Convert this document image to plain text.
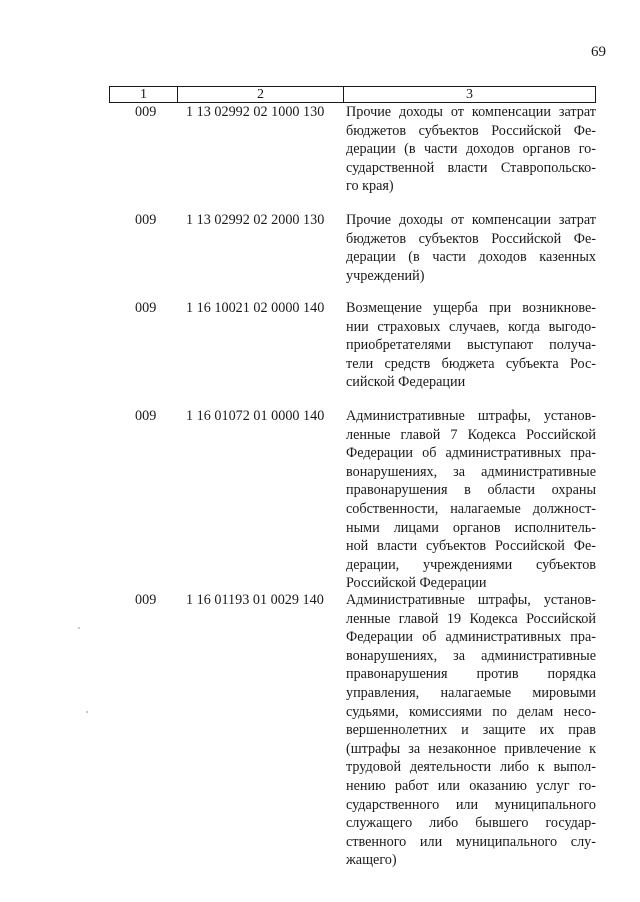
69
1	2	3
009	1 13 02992 02 1000 130	Прочие доходы от компенсации затрат
бюджетов субъектов Российской Фе-
дерации (в части доходов органов го-
сударственной власти Ставропольско-
го края)
009	1 13 02992 02 2000 130	Прочие доходы от компенсации затрат
бюджетов субъектов Российской Фе-
дерации (в части доходов казенных
учреждений)
009	1 16 10021 02 0000 140	Возмещение ущерба при возникнове-
нии страховых случаев, когда выгодо-
приобретателями выступают получа-
тели средств бюджета субъекта Рос-
сийской Федерации
009	1 16 01072 01 0000 140	Административные штрафы, установ-
ленные главой 7 Кодекса Российской
Федерации об административных пра-
вонарушениях, за административные
правонарушения в области охраны
собственности, налагаемые должност-
ными лицами органов исполнитель-
ной власти субъектов Российской Фе-
дерации, учреждениями субъектов
Российской Федерации
009	1 16 01193 01 0029 140	Административные штрафы, установ-
ленные главой 19 Кодекса Российской
Федерации об административных пра-
вонарушениях, за административные
правонарушения против порядка
управления, налагаемые мировыми
судьями, комиссиями по делам несо-
вершеннолетних и защите их прав
(штрафы за незаконное привлечение к
трудовой деятельности либо к выпол-
нению работ или оказанию услуг го-
сударственного или муниципального
служащего либо бывшего государ-
ственного или муниципального слу-
жащего)
